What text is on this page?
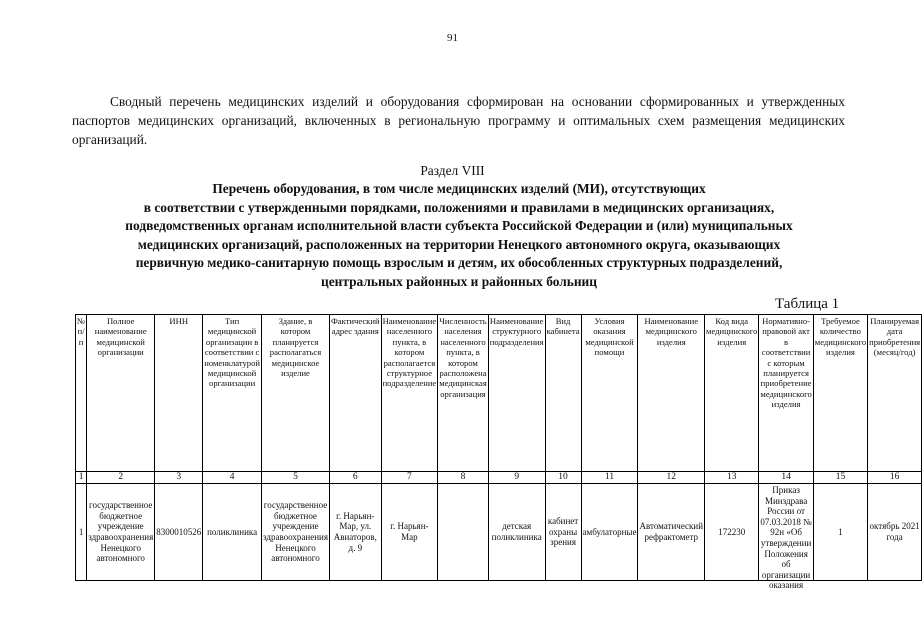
91

Сводный перечень медицинских изделий и оборудования сформирован на основании сформированных и утвержденных паспортов медицинских организаций, включенных в региональную программу и оптимальных схем размещения медицинских организаций.

Раздел VIII
Перечень оборудования, в том числе медицинских изделий (МИ), отсутствующих
в соответствии с утвержденными порядками, положениями и правилами в медицинских организациях,
подведомственных органам исполнительной власти субъекта Российской Федерации и (или) муниципальных
медицинских организаций, расположенных на территории Ненецкого автономного округа, оказывающих
первичную медико-санитарную помощь взрослым и детям, их обособленных структурных подразделений,
центральных районных и районных больниц
Таблица 1
№ п/п	Полное наименование медицинской организации	ИНН	Тип медицинской организации в соответствии с номенклатурой медицинской организации	Здание, в котором планируется располагаться медицинское изделие	Фактический адрес здания	Наименование населенного пункта, в котором располагается структурное подразделение	Численность населения населенного пункта, в котором расположена медицинская организация	Наименование структурного подразделения	Вид кабинета	Условия оказания медицинской помощи	Наименование медицинского изделия	Код вида медицинского изделия	Нормативно-правовой акт в соответствии с которым планируется приобретение медицинского изделия	Требуемое количество медицинского изделия	Планируемая дата приобретения (месяц/год)
1	2	3	4	5	6	7	8	9	10	11	12	13	14	15	16
1	государственное бюджетное учреждение здравоохранения Ненецкого автономного	8300010526	поликлиника	государственное бюджетное учреждение здравоохранения Ненецкого автономного	г. Нарьян-Мар, ул. Авиаторов, д. 9	г. Нарьян-Мар		детская поликлиника	кабинет охраны зрения	амбулаторные	Автоматический рефрактометр	172230	Приказ Минздрава России от 07.03.2018 № 92н «Об утверждении Положения об организации оказания	1	октябрь 2021 года
